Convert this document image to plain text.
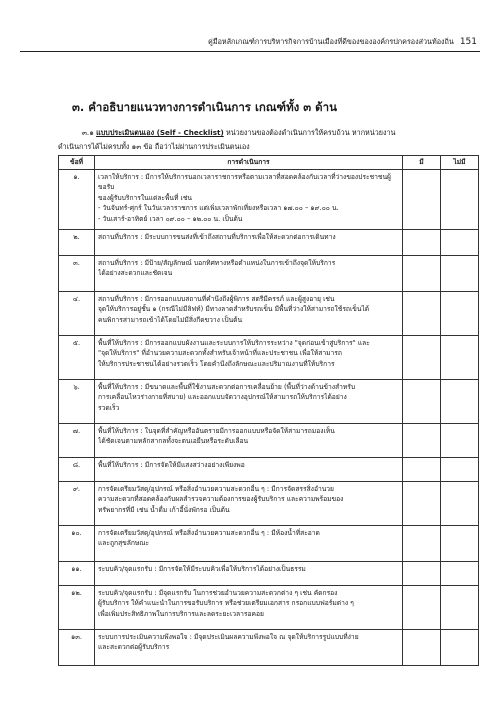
คู่มือหลักเกณฑ์การบริหารกิจการบ้านเมืองที่ดีของขององค์กรปกครองส่วนท้องถิ่น 151
๓. คำอธิบายแนวทางการดำเนินการ เกณฑ์ทั้ง ๓ ด้าน
๓.๑ แบบประเมินตนเอง (Self - Checklist) หน่วยงานของต้องดำเนินการให้ครบถ้วน หากหน่วยงาน
ดำเนินการได้ไม่ครบทั้ง ๑๓ ข้อ ถือว่าไม่ผ่านการประเมินตนเอง
ข้อที่	การดำเนินการ	มี	ไม่มี
๑.	เวลาให้บริการ : มีการให้บริการนอกเวลาราชการหรือตามเวลาที่สอดคล้องกับเวลาที่ว่างของประชาชนผู้ขอรับ
ของผู้รับบริการในแต่ละพื้นที่ เช่น
- วันจันทร์-ศุกร์ ในวันเวลาราชการ แต่เพิ่มเวลาพักเที่ยงหรือเวลา ๑๗.๐๐ – ๑๙.๐๐ น.
- วันเสาร์-อาทิตย์ เวลา ๐๙.๐๐ – ๑๒.๐๐ น. เป็นต้น		

๒.	สถานที่บริการ : มีระบบการขนส่งที่เข้าถึงสถานที่บริการเพื่อให้สะดวกต่อการเดินทาง		

๓.	สถานที่บริการ : มีป้าย/สัญลักษณ์ บอกทิศทางหรือตำแหน่งในการเข้าถึงจุดให้บริการ
ได้อย่างสะดวกและชัดเจน		

๔.	สถานที่บริการ : มีการออกแบบสถานที่คำนึงถึงผู้พิการ สตรีมีครรภ์ และผู้สูงอายุ เช่น
จุดให้บริการอยู่ชั้น ๑ (กรณีไม่มีลิฟท์) มีทางลาดสำหรับรถเข็น มีพื้นที่ว่างให้สามารถใช้รถเข็นได้
คนพิการสามารถเข้าได้โดยไม่มีสิ่งกีดขวาง เป็นต้น		

๕.	พื้นที่ให้บริการ : มีการออกแบบผังงานและระบบการให้บริการระหว่าง "จุดก่อนเข้าสู่บริการ" และ
"จุดให้บริการ" ที่อำนวยความสะดวกทั้งสำหรับเจ้าหน้าที่และประชาชน เพื่อให้สามารถ
ให้บริการประชาชนได้อย่างรวดเร็ว โดยคำนึงถึงลักษณะและปริมาณงานที่ให้บริการ		

๖.	พื้นที่ให้บริการ : มีขนาดและพื้นที่ใช้งานสะดวกต่อการเคลื่อนย้าย (พื้นที่ว่างด้านข้างสำหรับ
การเคลื่อนไหวร่างกายที่สบาย) และออกแบบจัดวางอุปกรณ์ให้สามารถให้บริการได้อย่าง
รวดเร็ว		

๗.	พื้นที่ให้บริการ : ในจุดที่สำคัญหรืออันตรายมีการออกแบบหรือจัดให้สามารถมองเห็น
ได้ชัดเจนตามหลักสากลทั้งจะตนเอยืนหรือระดับเลือน		

๘.	พื้นที่ให้บริการ : มีการจัดให้มีแสงสว่างอย่างเพียงพอ		

๙.	การจัดเตรียมวัสดุ/อุปกรณ์ หรือสิ่งอำนวยความสะดวกอื่น ๆ : มีการจัดสรรสิ่งอำนวย
ความสะดวกที่สอดคล้องกับผลสำรวจความต้องการของผู้รับบริการ และความพร้อมของ
ทรัพยากรที่มี เช่น น้ำดื่ม เก้าอี้นั่งพักรอ เป็นต้น		

๑๐.	การจัดเตรียมวัสดุ/อุปกรณ์ หรือสิ่งอำนวยความสะดวกอื่น ๆ : มีห้องน้ำที่สะอาด
และถูกสุขลักษณะ		

๑๑.	ระบบคิว/จุดแรกรับ : มีการจัดให้มีระบบคิวเพื่อให้บริการได้อย่างเป็นธรรม		

๑๒.	ระบบคิว/จุดแรกรับ : มีจุดแรกรับ ในการช่วยอำนวยความสะดวกต่าง ๆ เช่น คัดกรอง
ผู้รับบริการ ให้คำแนะนำในการขอรับบริการ หรือช่วยเตรียมเอกสาร กรอกแบบฟอร์มต่าง ๆ
เพื่อเพิ่มประสิทธิภาพในการบริการและลดระยะเวลารอคอย		

๑๓.	ระบบการประเมินความพึงพอใจ : มีจุดประเมินผลความพึงพอใจ ณ จุดให้บริการรูปแบบที่ง่าย
และสะดวกต่อผู้รับบริการ		
